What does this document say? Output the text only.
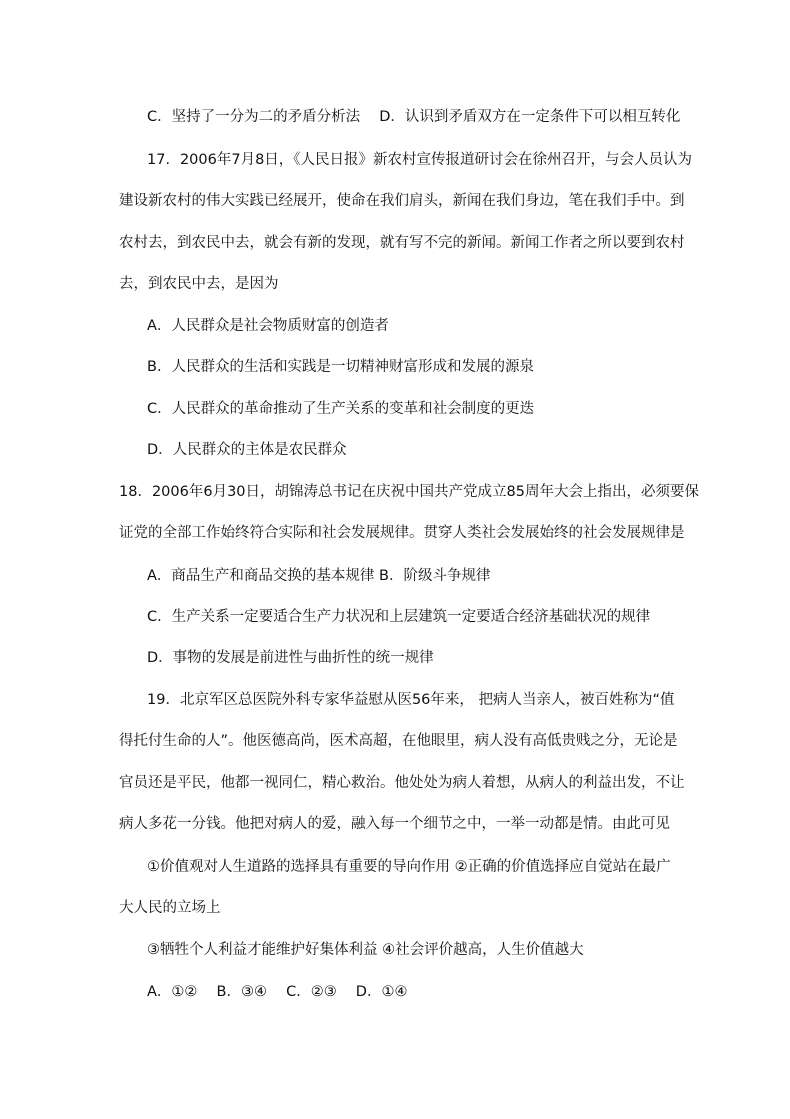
C．坚持了一分为二的矛盾分析法　 D．认识到矛盾双方在一定条件下可以相互转化
17．2006年7月8日，《人民日报》新农村宣传报道研讨会在徐州召开，与会人员认为
建设新农村的伟大实践已经展开，使命在我们肩头，新闻在我们身边，笔在我们手中。到
农村去，到农民中去，就会有新的发现，就有写不完的新闻。新闻工作者之所以要到农村
去，到农民中去，是因为
A．人民群众是社会物质财富的创造者
B．人民群众的生活和实践是一切精神财富形成和发展的源泉
C．人民群众的革命推动了生产关系的变革和社会制度的更迭
D．人民群众的主体是农民群众
18．2006年6月30日，胡锦涛总书记在庆祝中国共产党成立85周年大会上指出，必须要保
证党的全部工作始终符合实际和社会发展规律。贯穿人类社会发展始终的社会发展规律是
A．商品生产和商品交换的基本规律 B．阶级斗争规律
C．生产关系一定要适合生产力状况和上层建筑一定要适合经济基础状况的规律
D．事物的发展是前进性与曲折性的统一规律
19．北京军区总医院外科专家华益慰从医56年来， 把病人当亲人，被百姓称为“值
得托付生命的人”。他医德高尚，医术高超，在他眼里，病人没有高低贵贱之分，无论是
官员还是平民，他都一视同仁，精心救治。他处处为病人着想，从病人的利益出发，不让
病人多花一分钱。他把对病人的爱，融入每一个细节之中，一举一动都是情。由此可见
①价值观对人生道路的选择具有重要的导向作用 ②正确的价值选择应自觉站在最广
大人民的立场上
③牺牲个人利益才能维护好集体利益 ④社会评价越高，人生价值越大
A．①②　 B．③④　 C．②③　 D．①④
